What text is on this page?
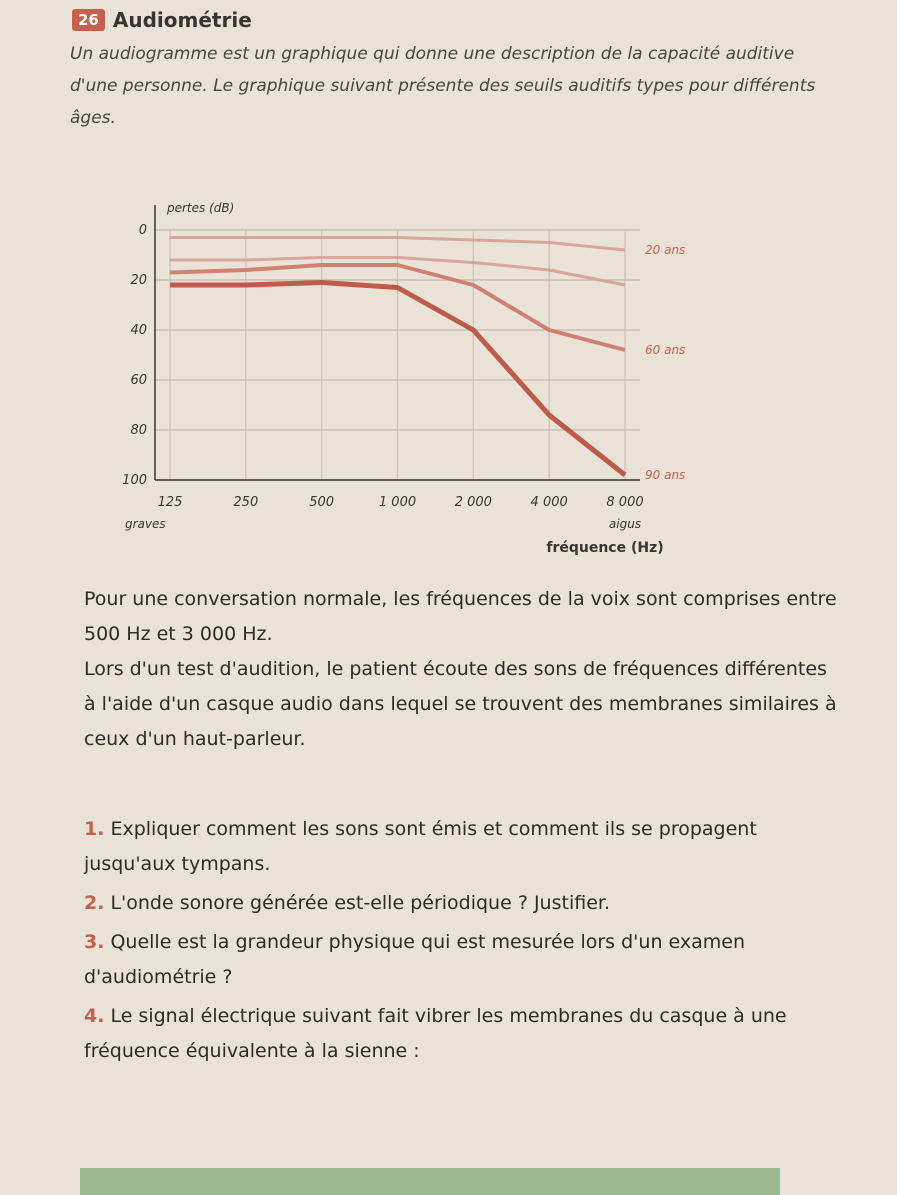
26 Audiométrie
Un audiogramme est un graphique qui donne une description de la capacité auditive d'une personne. Le graphique suivant présente des seuils auditifs types pour différents âges.
0
20
40
60
80
100
125	250	500	1 000	2 000	4 000	8 000
pertes (dB)
graves	aigus
fréquence (Hz)
20 ans
60 ans
90 ans

Pour une conversation normale, les fréquences de la voix sont comprises entre 500 Hz et 3 000 Hz.

Lors d'un test d'audition, le patient écoute des sons de fréquences différentes à l'aide d'un casque audio dans lequel se trouvent des membranes similaires à ceux d'un haut-parleur.

1. Expliquer comment les sons sont émis et comment ils se propagent jusqu'aux tympans.

2. L'onde sonore générée est-elle périodique ? Justifier.

3. Quelle est la grandeur physique qui est mesurée lors d'un examen d'audiométrie ?

4. Le signal électrique suivant fait vibrer les membranes du casque à une fréquence équivalente à la sienne :
